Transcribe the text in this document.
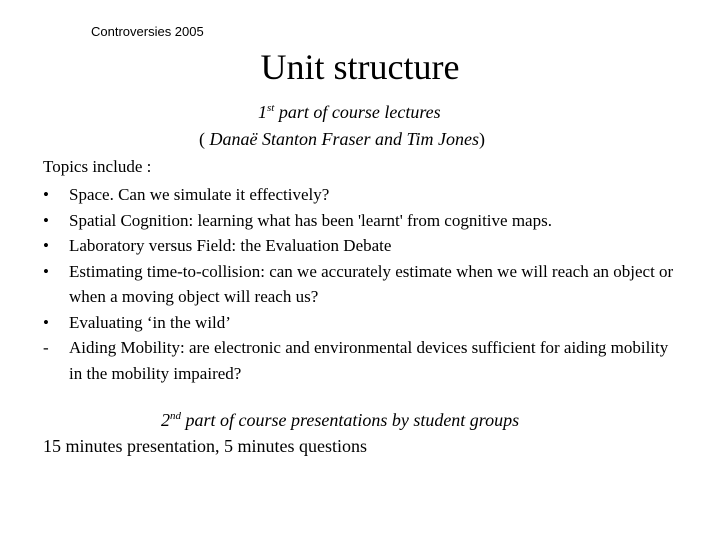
Controversies 2005
Unit structure
1st part of course lectures
( Danaë Stanton Fraser and Tim Jones)
Topics include :
•	Space. Can we simulate it effectively?
•	Spatial Cognition: learning what has been 'learnt' from cognitive maps.
•	Laboratory versus Field: the Evaluation Debate
•	Estimating time-to-collision: can we accurately estimate when we will reach an object or when a moving object will reach us?
•	Evaluating ‘in the wild’
-	Aiding Mobility: are electronic and environmental devices sufficient for aiding mobility in the mobility impaired?
2nd part of course presentations by student groups
15 minutes presentation, 5 minutes questions
